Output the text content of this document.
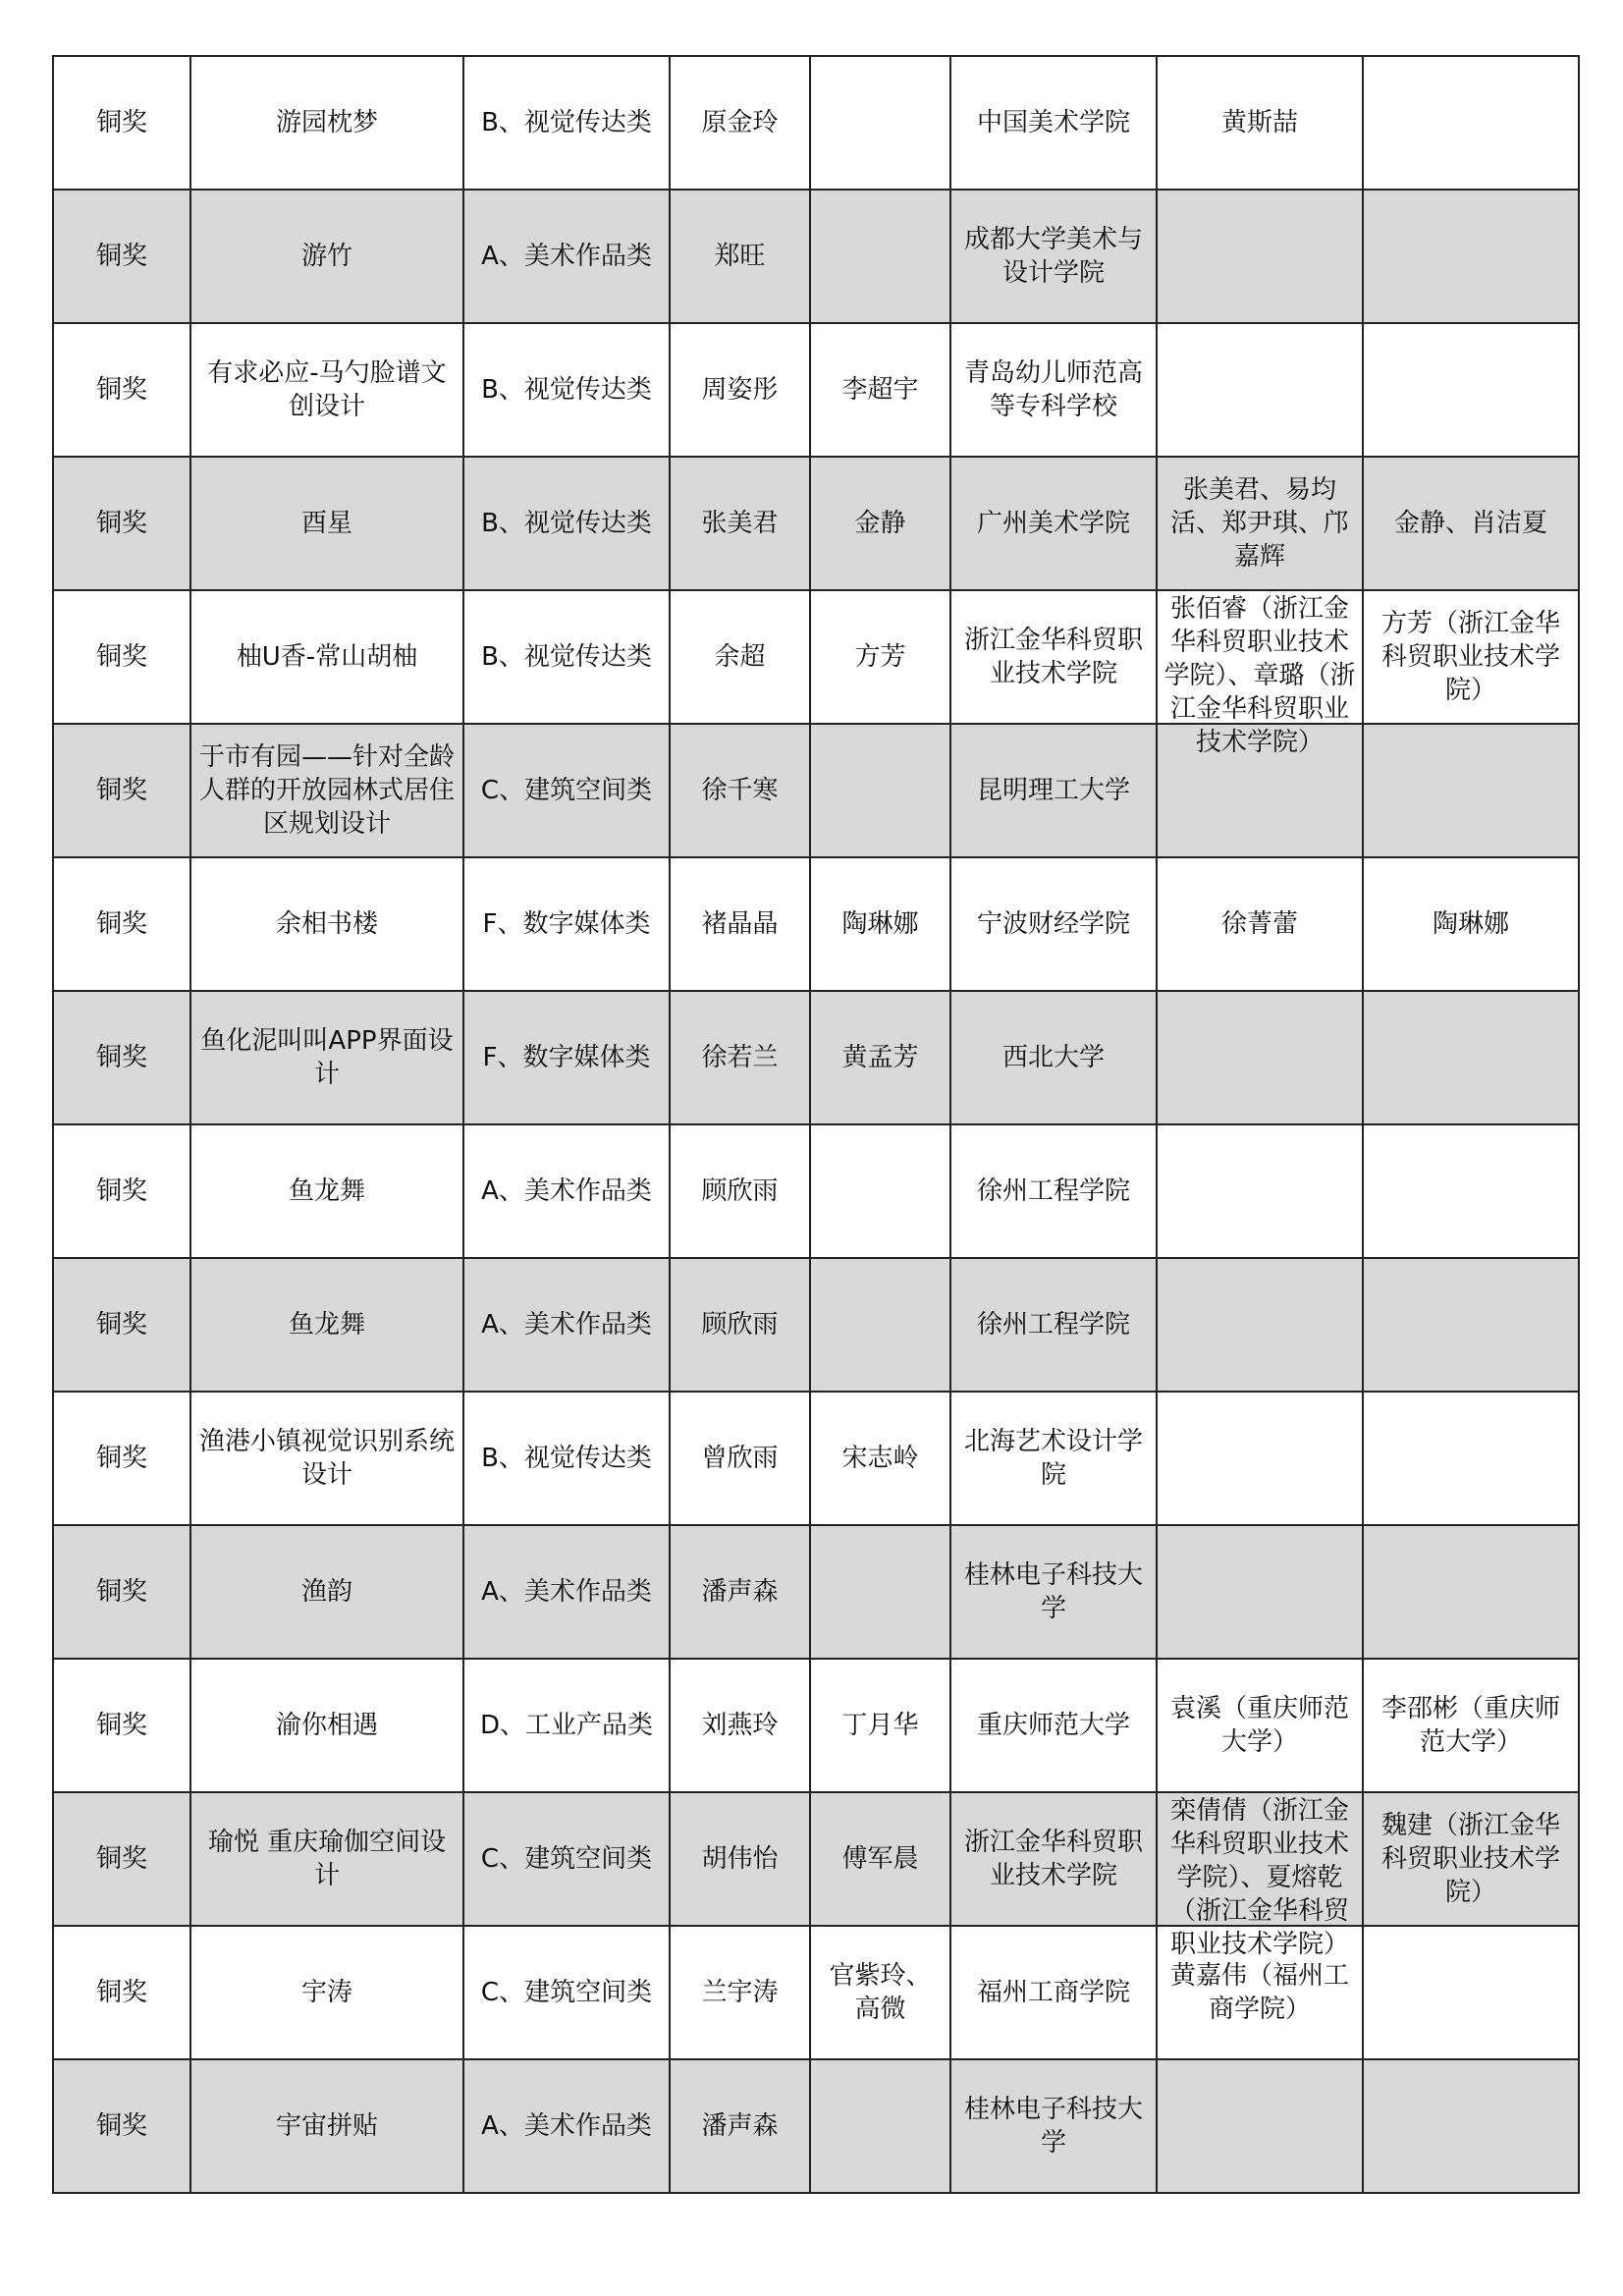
铜奖	游园枕梦	B、视觉传达类	原金玲		中国美术学院	黄斯喆	

铜奖	游竹	A、美术作品类	郑旺		成都大学美术与设计学院		

铜奖	有求必应-马勺脸谱文创设计	B、视觉传达类	周姿彤	李超宇	青岛幼儿师范高等专科学校		

铜奖	酉星	B、视觉传达类	张美君	金静	广州美术学院	张美君、易均活、郑尹琪、邝嘉辉	金静、肖洁夏

铜奖	柚U香-常山胡柚	B、视觉传达类	余超	方芳	浙江金华科贸职业技术学院	张佰睿（浙江金华科贸职业技术学院）、章璐（浙江金华科贸职业技术学院）	方芳（浙江金华科贸职业技术学院）

铜奖	于市有园——针对全龄人群的开放园林式居住区规划设计	C、建筑空间类	徐千寒		昆明理工大学		

铜奖	余相书楼	F、数字媒体类	褚晶晶	陶琳娜	宁波财经学院	徐菁蕾	陶琳娜

铜奖	鱼化泥叫叫APP界面设计	F、数字媒体类	徐若兰	黄孟芳	西北大学		

铜奖	鱼龙舞	A、美术作品类	顾欣雨		徐州工程学院		

铜奖	鱼龙舞	A、美术作品类	顾欣雨		徐州工程学院		

铜奖	渔港小镇视觉识别系统设计	B、视觉传达类	曾欣雨	宋志岭	北海艺术设计学院		

铜奖	渔韵	A、美术作品类	潘声森		桂林电子科技大学		

铜奖	渝你相遇	D、工业产品类	刘燕玲	丁月华	重庆师范大学	袁溪（重庆师范大学）	李邵彬（重庆师范大学）

铜奖	瑜悦 重庆瑜伽空间设计	C、建筑空间类	胡伟怡	傅军晨	浙江金华科贸职业技术学院	栾倩倩（浙江金华科贸职业技术学院）、夏熔乾（浙江金华科贸职业技术学院）	魏建（浙江金华科贸职业技术学院）

铜奖	宇涛	C、建筑空间类	兰宇涛	官紫玲、高微	福州工商学院	黄嘉伟（福州工商学院）	

铜奖	宇宙拼贴	A、美术作品类	潘声森		桂林电子科技大学		
